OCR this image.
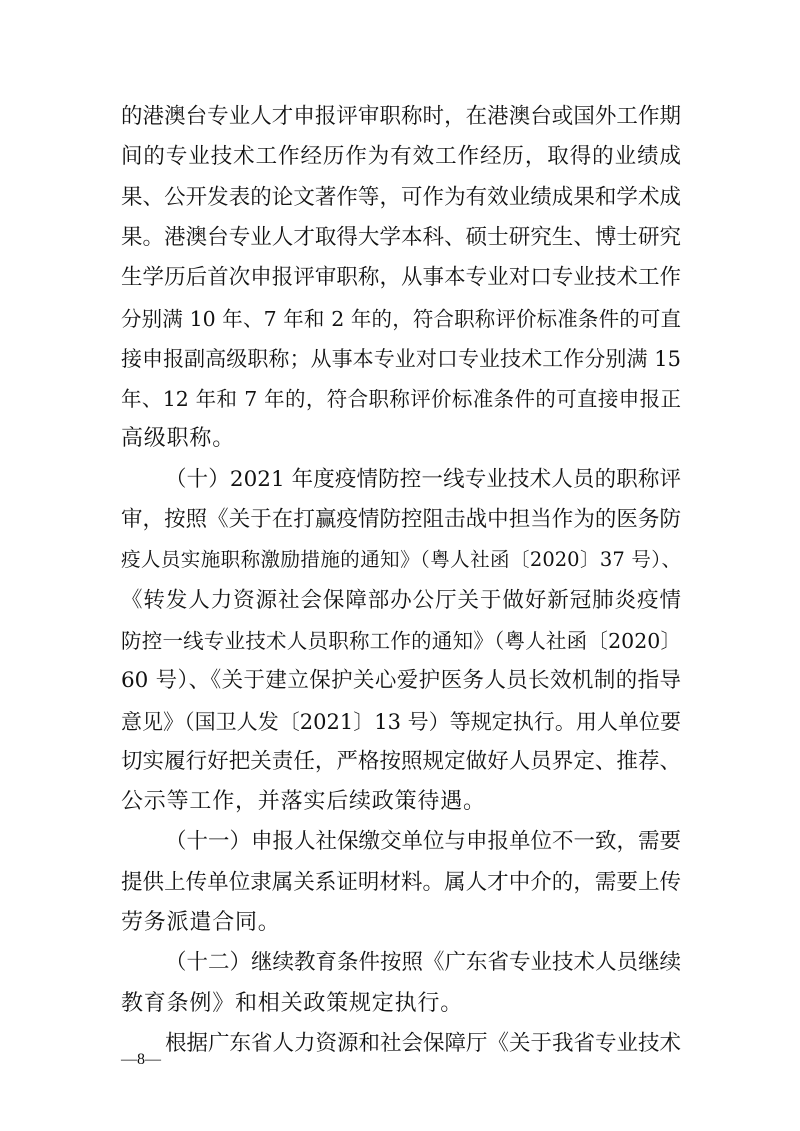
的港澳台专业人才申报评审职称时，在港澳台或国外工作期
间的专业技术工作经历作为有效工作经历，取得的业绩成
果、公开发表的论文著作等，可作为有效业绩成果和学术成
果。港澳台专业人才取得大学本科、硕士研究生、博士研究
生学历后首次申报评审职称，从事本专业对口专业技术工作
分别满 10 年、7 年和 2 年的，符合职称评价标准条件的可直
接申报副高级职称；从事本专业对口专业技术工作分别满 15
年、12 年和 7 年的，符合职称评价标准条件的可直接申报正
高级职称。
（十）2021 年度疫情防控一线专业技术人员的职称评
审，按照《关于在打赢疫情防控阻击战中担当作为的医务防
疫人员实施职称激励措施的通知》（粤人社函〔2020〕37 号）、
《转发人力资源社会保障部办公厅关于做好新冠肺炎疫情
防控一线专业技术人员职称工作的通知》（粤人社函〔2020〕
60 号）、《关于建立保护关心爱护医务人员长效机制的指导
意见》（国卫人发〔2021〕13 号）等规定执行。用人单位要
切实履行好把关责任，严格按照规定做好人员界定、推荐、
公示等工作，并落实后续政策待遇。
（十一）申报人社保缴交单位与申报单位不一致，需要
提供上传单位隶属关系证明材料。属人才中介的，需要上传
劳务派遣合同。
（十二）继续教育条件按照《广东省专业技术人员继续
教育条例》和相关政策规定执行。
根据广东省人力资源和社会保障厅《关于我省专业技术
—8—
